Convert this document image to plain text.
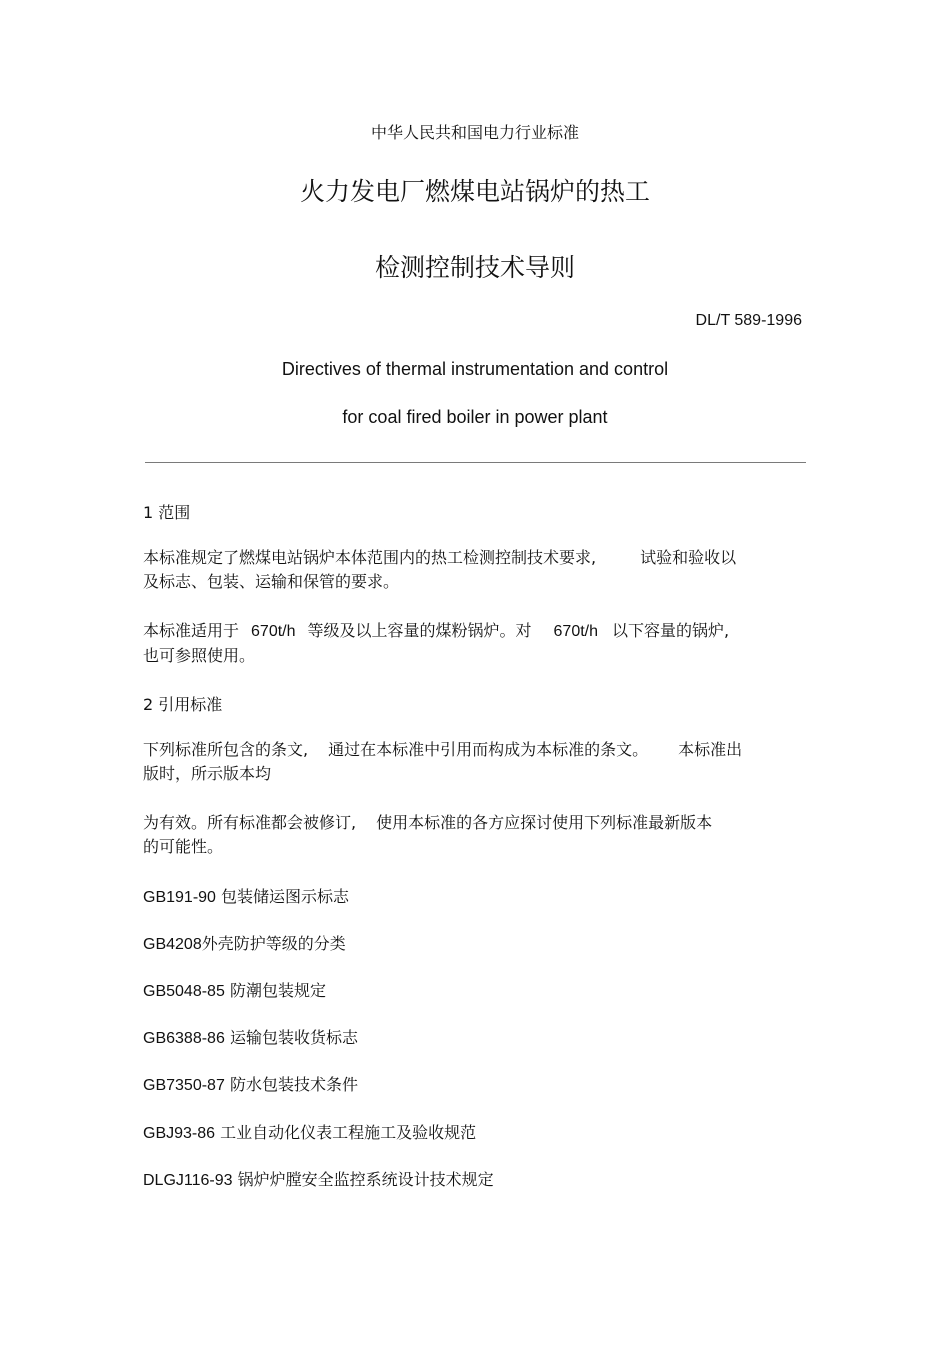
中华人民共和国电力行业标准
火力发电厂燃煤电站锅炉的热工
检测控制技术导则
DL/T 589-1996
Directives of thermal instrumentation and control
for coal fired boiler in power plant
1 范围
本标准规定了燃煤电站锅炉本体范围内的热工检测控制技术要求,	试验和验收以
及标志、包装、运输和保管的要求。
本标准适用于 670t/h 等级及以上容量的煤粉锅炉。对 670t/h 以下容量的锅炉,
也可参照使用。
2 引用标准
下列标准所包含的条文, 通过在本标准中引用而构成为本标准的条文。 本标准出
版时，所示版本均
为有效。所有标准都会被修订, 使用本标准的各方应探讨使用下列标准最新版本
的可能性。
GB191-90 包装储运图示标志
GB4208外壳防护等级的分类
GB5048-85 防潮包装规定
GB6388-86 运输包装收货标志
GB7350-87 防水包装技术条件
GBJ93-86 工业自动化仪表工程施工及验收规范
DLGJ116-93 锅炉炉膛安全监控系统设计技术规定
